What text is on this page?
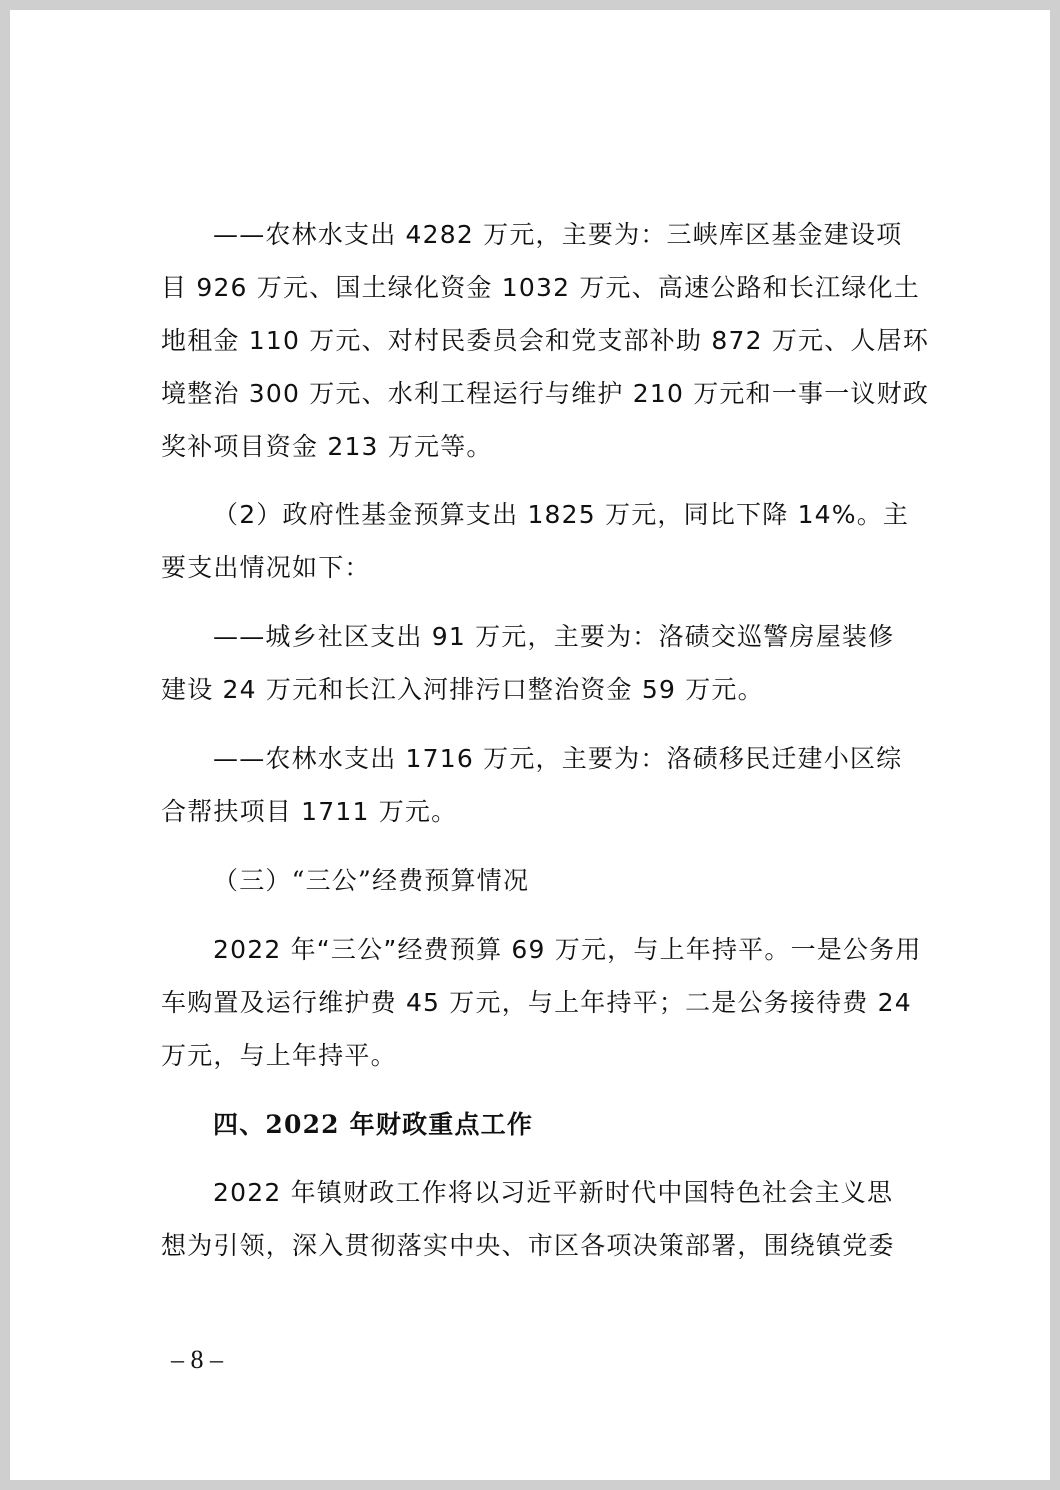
——农林水支出 4282 万元，主要为：三峡库区基金建设项
目 926 万元、国土绿化资金 1032 万元、高速公路和长江绿化土
地租金 110 万元、对村民委员会和党支部补助 872 万元、人居环
境整治 300 万元、水利工程运行与维护 210 万元和一事一议财政
奖补项目资金 213 万元等。
（2）政府性基金预算支出 1825 万元，同比下降 14%。主
要支出情况如下：
——城乡社区支出 91 万元，主要为：洛碛交巡警房屋装修
建设 24 万元和长江入河排污口整治资金 59 万元。
——农林水支出 1716 万元，主要为：洛碛移民迁建小区综
合帮扶项目 1711 万元。
（三）“三公”经费预算情况
2022 年“三公”经费预算 69 万元，与上年持平。一是公务用
车购置及运行维护费 45 万元，与上年持平；二是公务接待费 24
万元，与上年持平。
四、2022 年财政重点工作
2022 年镇财政工作将以习近平新时代中国特色社会主义思
想为引领，深入贯彻落实中央、市区各项决策部署，围绕镇党委
– 8 –
